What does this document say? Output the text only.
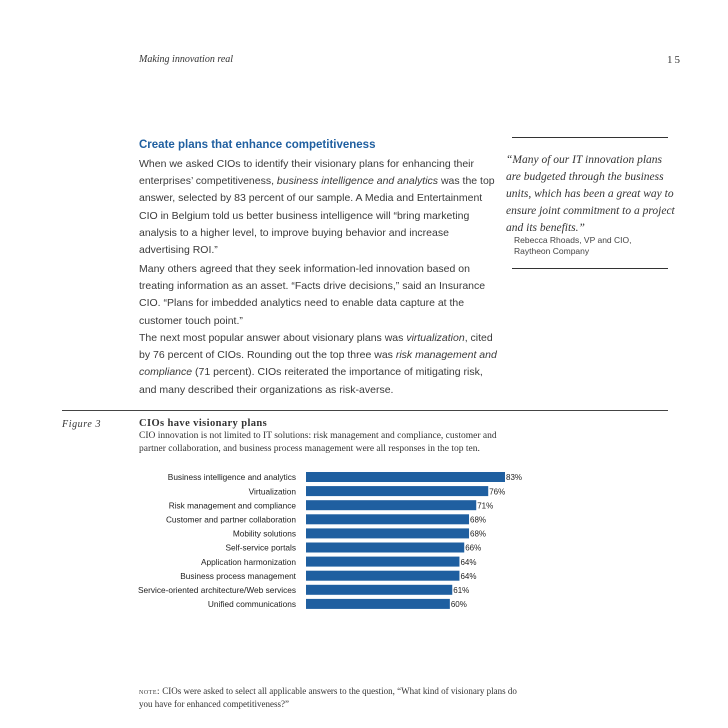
Making innovation real	15
Create plans that enhance competitiveness
When we asked CIOs to identify their visionary plans for enhancing their enterprises’ competitiveness, business intelligence and analytics was the top answer, selected by 83 percent of our sample. A Media and Entertainment CIO in Belgium told us better business intelligence will “bring marketing analysis to a higher level, to improve buying behavior and increase advertising ROI.”
Many others agreed that they seek information-led innovation based on treating information as an asset. “Facts drive decisions,” said an Insurance CIO. “Plans for imbedded analytics need to enable data capture at the customer touch point.”
The next most popular answer about visionary plans was virtualization, cited by 76 percent of CIOs. Rounding out the top three was risk management and compliance (71 percent). CIOs reiterated the importance of mitigating risk, and many described their organizations as risk-averse.
“Many of our IT innovation plans are budgeted through the business units, which has been a great way to ensure joint commitment to a project and its benefits.”
Rebecca Rhoads, VP and CIO,
Raytheon Company
Figure 3	CIOs have visionary plans
CIO innovation is not limited to IT solutions: risk management and compliance, customer and partner collaboration, and business process management were all responses in the top ten.
Business intelligence and analytics	83%
Virtualization	76%
Risk management and compliance	71%
Customer and partner collaboration	68%
Mobility solutions	68%
Self-service portals	66%
Application harmonization	64%
Business process management	64%
Service-oriented architecture/Web services	61%
Unified communications	60%
note: CIOs were asked to select all applicable answers to the question, “What kind of visionary plans do you have for enhanced competitiveness?”
